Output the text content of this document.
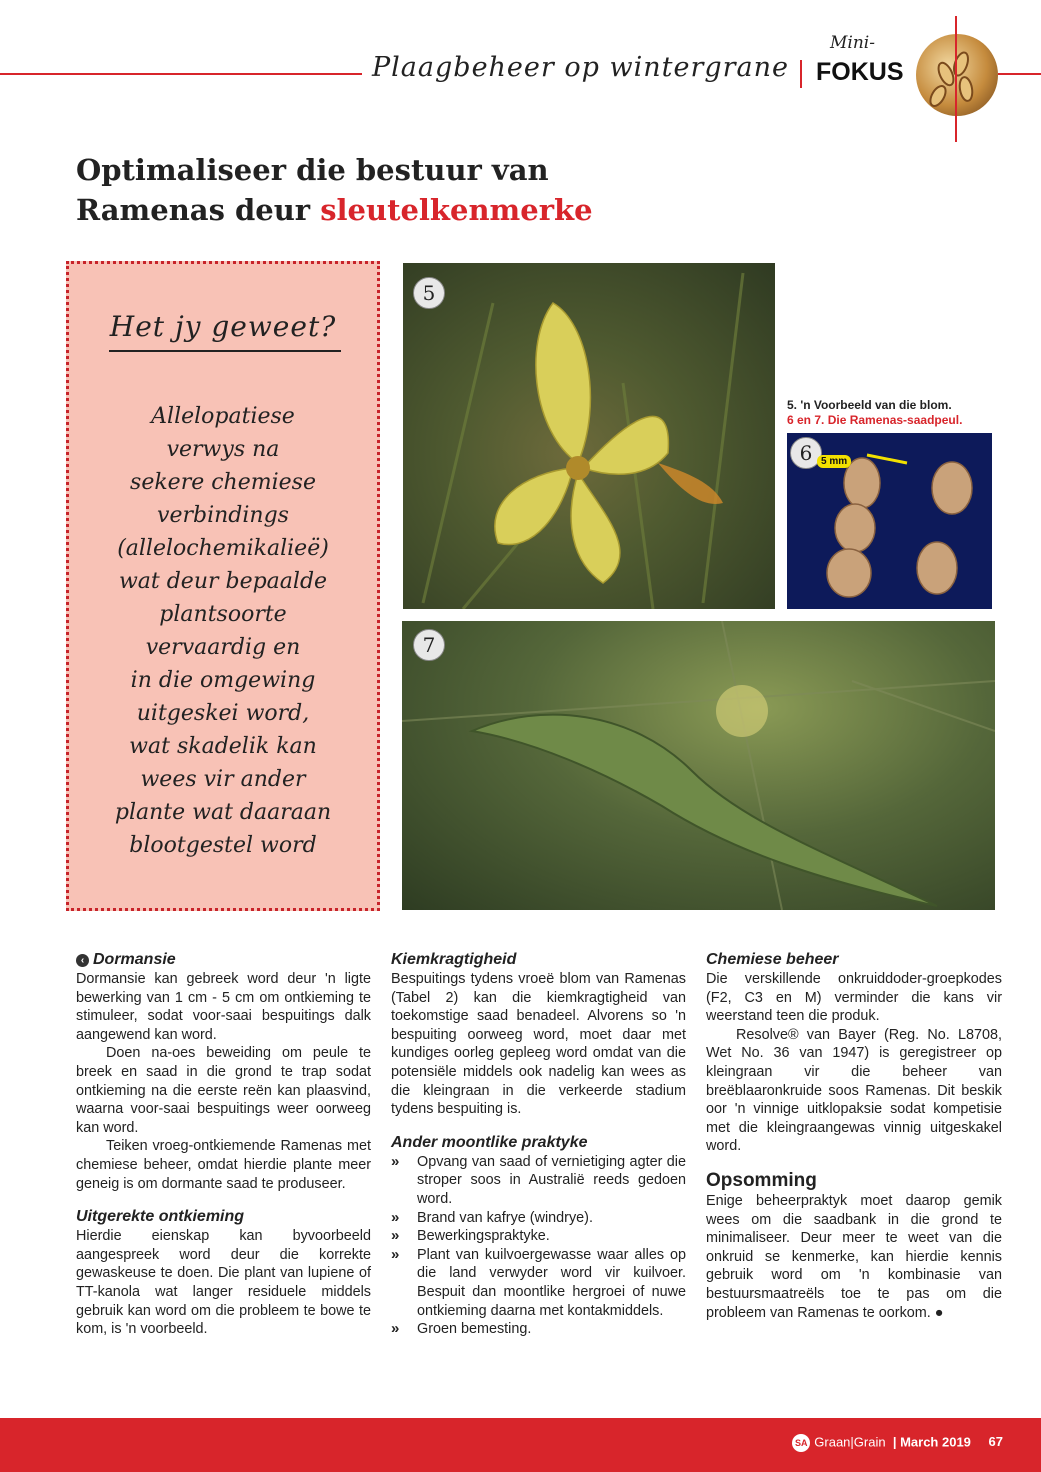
Plaagbeheer op wintergrane
Mini-
FOKUS
Optimaliseer die bestuur van
Ramenas deur sleutelkenmerke
Het jy geweet?
Allelopatiese
verwys na
sekere chemiese
verbindings
(allelochemikalieë)
wat deur bepaalde
plantsoorte
vervaardig en
in die omgewing
uitgeskei word,
wat skadelik kan
wees vir ander
plante wat daaraan
blootgestel word
5
5. 'n Voorbeeld van die blom.
6 en 7. Die Ramenas-saadpeul.
6 5 mm
7
‹ Dormansie

Dormansie kan gebreek word deur 'n ligte bewerking van 1 cm - 5 cm om ontkieming te stimuleer, sodat voor-saai bespuitings dalk aangewend kan word.

Doen na-oes beweiding om peule te breek en saad in die grond te trap sodat ontkieming na die eerste reën kan plaasvind, waarna voor-saai bespuitings weer oorweeg kan word.

Teiken vroeg-ontkiemende Ramenas met chemiese beheer, omdat hierdie plante meer geneig is om dormante saad te produseer.

Uitgerekte ontkieming

Hierdie eienskap kan byvoorbeeld aangespreek word deur die korrekte gewaskeuse te doen. Die plant van lupiene of TT-kanola wat langer residuele middels gebruik kan word om die probleem te bowe te kom, is 'n voorbeeld.

Kiemkragtigheid

Bespuitings tydens vroeë blom van Ramenas (Tabel 2) kan die kiemkragtigheid van toekomstige saad benadeel. Alvorens so 'n bespuiting oorweeg word, moet daar met kundiges oorleg gepleeg word omdat van die potensiële middels ook nadelig kan wees as die kleingraan in die verkeerde stadium tydens bespuiting is.

Ander moontlike praktyke
» Opvang van saad of vernietiging agter die stroper soos in Australië reeds gedoen word.
» Brand van kafrye (windrye).
» Bewerkingspraktyke.
» Plant van kuilvoergewasse waar alles op die land verwyder word vir kuilvoer. Bespuit dan moontlike hergroei of nuwe ontkieming daarna met kontakmiddels.
» Groen bemesting.
Chemiese beheer

Die verskillende onkruiddoder-groepkodes (F2, C3 en M) verminder die kans vir weerstand teen die produk.

Resolve® van Bayer (Reg. No. L8708, Wet No. 36 van 1947) is geregistreer op kleingraan vir die beheer van breëblaaronkruide soos Ramenas. Dit beskik oor 'n vinnige uitklopaksie sodat kompetisie met die kleingraangewas vinnig uitgeskakel word.

Opsomming

Enige beheerpraktyk moet daarop gemik wees om die saadbank in die grond te minimaliseer. Deur meer te weet van die onkruid se kenmerke, kan hierdie kennis gebruik word om 'n kombinasie van bestuursmaatreëls toe te pas om die probleem van Ramenas te oorkom. ●

SA Graan|Grain  | March 2019 67
